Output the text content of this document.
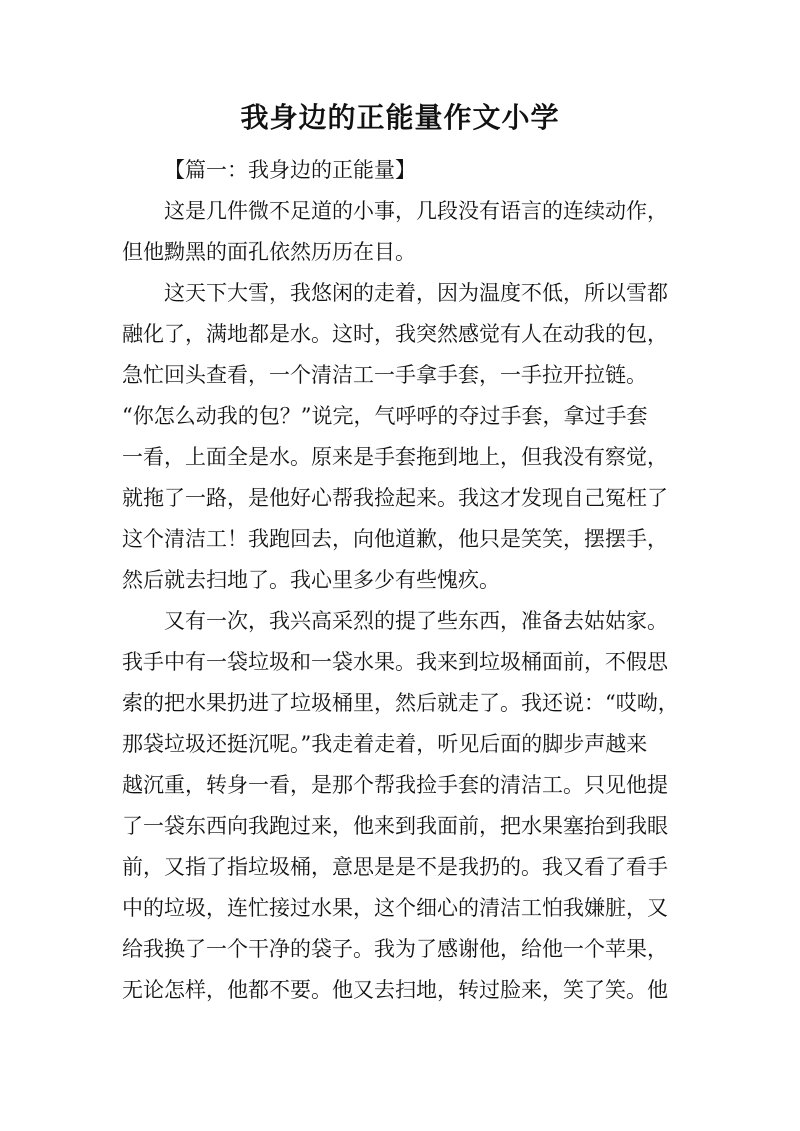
我身边的正能量作文小学
【篇一：我身边的正能量】
这是几件微不足道的小事，几段没有语言的连续动作，
但他黝黑的面孔依然历历在目。
这天下大雪，我悠闲的走着，因为温度不低，所以雪都
融化了，满地都是水。这时，我突然感觉有人在动我的包，
急忙回头查看，一个清洁工一手拿手套，一手拉开拉链。
“你怎么动我的包？”说完，气呼呼的夺过手套，拿过手套
一看，上面全是水。原来是手套拖到地上，但我没有察觉，
就拖了一路，是他好心帮我捡起来。我这才发现自己冤枉了
这个清洁工！我跑回去，向他道歉，他只是笑笑，摆摆手，
然后就去扫地了。我心里多少有些愧疚。
又有一次，我兴高采烈的提了些东西，准备去姑姑家。
我手中有一袋垃圾和一袋水果。我来到垃圾桶面前，不假思
索的把水果扔进了垃圾桶里，然后就走了。我还说：“哎呦，
那袋垃圾还挺沉呢。”我走着走着，听见后面的脚步声越来
越沉重，转身一看，是那个帮我捡手套的清洁工。只见他提
了一袋东西向我跑过来，他来到我面前，把水果塞抬到我眼
前，又指了指垃圾桶，意思是是不是我扔的。我又看了看手
中的垃圾，连忙接过水果，这个细心的清洁工怕我嫌脏，又
给我换了一个干净的袋子。我为了感谢他，给他一个苹果，
无论怎样，他都不要。他又去扫地，转过脸来，笑了笑。他
